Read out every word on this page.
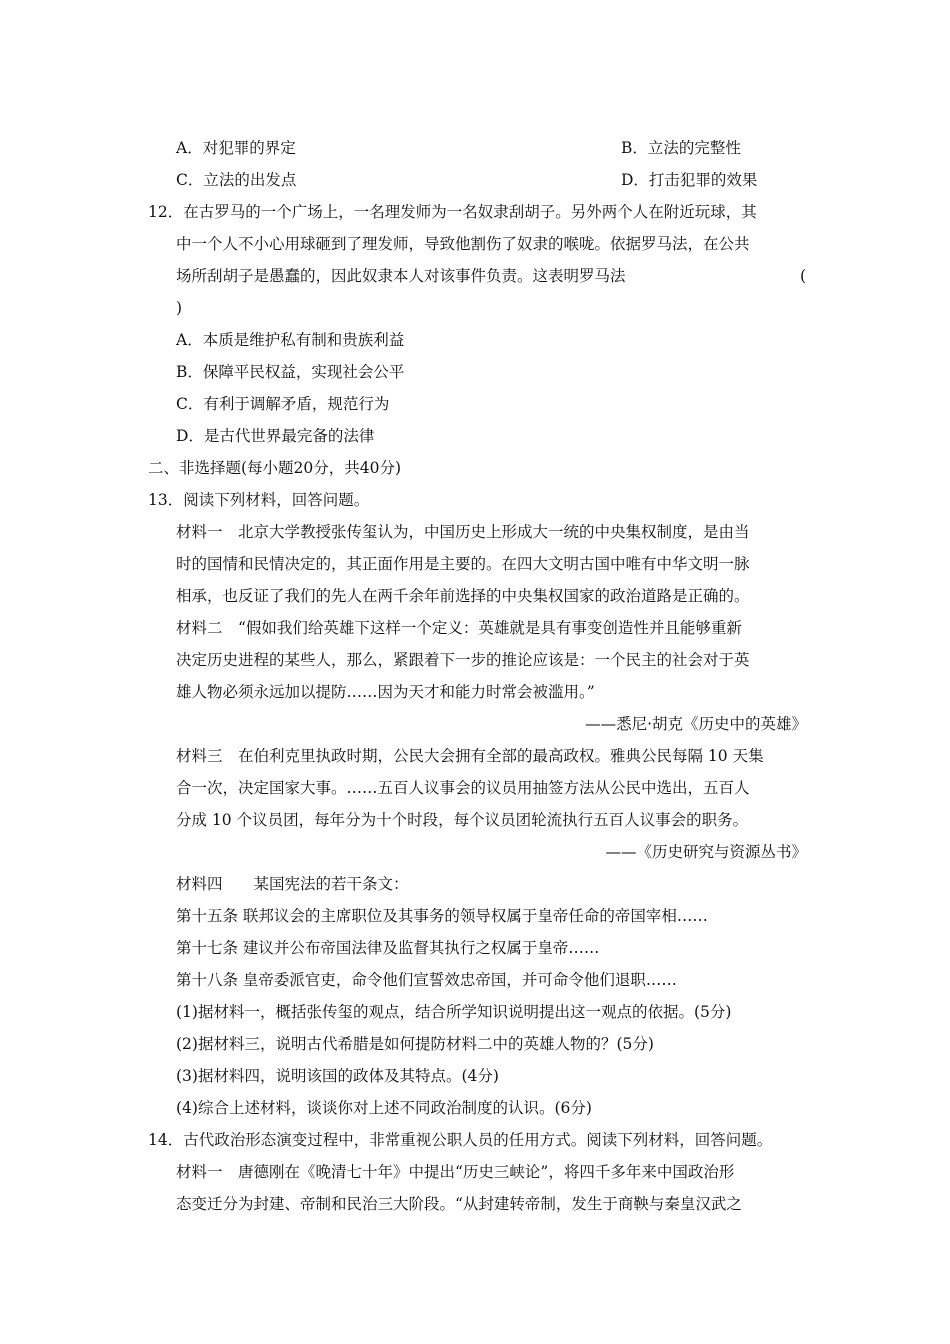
A．对犯罪的界定	B．立法的完整性
C．立法的出发点	D．打击犯罪的效果
12．在古罗马的一个广场上，一名理发师为一名奴隶刮胡子。另外两个人在附近玩球，其
中一个人不小心用球砸到了理发师，导致他割伤了奴隶的喉咙。依据罗马法，在公共
场所刮胡子是愚蠢的，因此奴隶本人对该事件负责。这表明罗马法	(
)
A．本质是维护私有制和贵族利益
B．保障平民权益，实现社会公平
C．有利于调解矛盾，规范行为
D．是古代世界最完备的法律
二、非选择题(每小题20分，共40分)
13．阅读下列材料，回答问题。
材料一　北京大学教授张传玺认为，中国历史上形成大一统的中央集权制度，是由当
时的国情和民情决定的，其正面作用是主要的。在四大文明古国中唯有中华文明一脉
相承，也反证了我们的先人在两千余年前选择的中央集权国家的政治道路是正确的。
材料二　“假如我们给英雄下这样一个定义：英雄就是具有事变创造性并且能够重新
决定历史进程的某些人，那么，紧跟着下一步的推论应该是：一个民主的社会对于英
雄人物必须永远加以提防……因为天才和能力时常会被滥用。”
——悉尼·胡克《历史中的英雄》
材料三　在伯利克里执政时期，公民大会拥有全部的最高政权。雅典公民每隔 10 天集
合一次，决定国家大事。……五百人议事会的议员用抽签方法从公民中选出，五百人
分成 10 个议员团，每年分为十个时段，每个议员团轮流执行五百人议事会的职务。
——《历史研究与资源丛书》
材料四　　某国宪法的若干条文：
第十五条 联邦议会的主席职位及其事务的领导权属于皇帝任命的帝国宰相……
第十七条 建议并公布帝国法律及监督其执行之权属于皇帝……
第十八条 皇帝委派官吏，命令他们宣誓效忠帝国，并可命令他们退职……
(1)据材料一，概括张传玺的观点，结合所学知识说明提出这一观点的依据。(5分)
(2)据材料三，说明古代希腊是如何提防材料二中的英雄人物的？(5分)
(3)据材料四，说明该国的政体及其特点。(4分)
(4)综合上述材料，谈谈你对上述不同政治制度的认识。(6分)
14．古代政治形态演变过程中，非常重视公职人员的任用方式。阅读下列材料，回答问题。
材料一　唐德刚在《晚清七十年》中提出“历史三峡论”，将四千多年来中国政治形
态变迁分为封建、帝制和民治三大阶段。“从封建转帝制，发生于商鞅与秦皇汉武之
